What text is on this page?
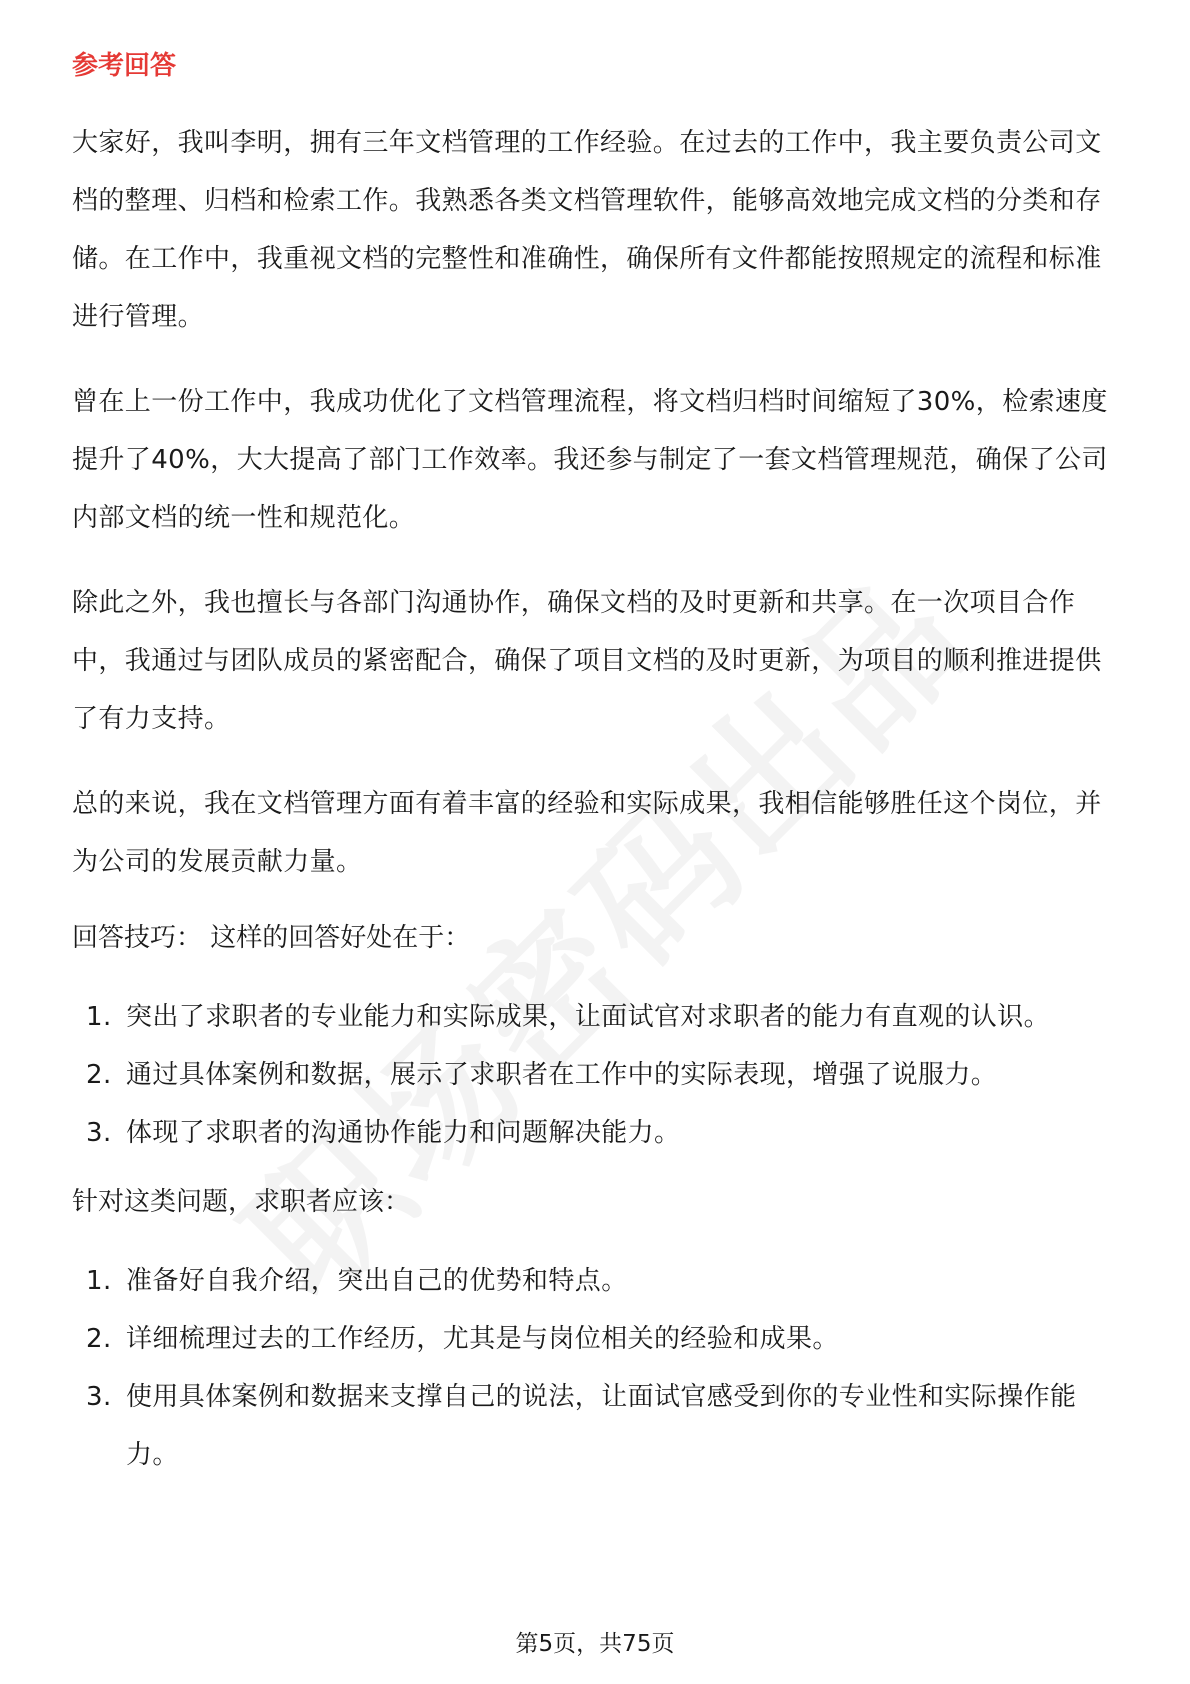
参考回答

大家好，我叫李明，拥有三年文档管理的工作经验。在过去的工作中，我主要负责公司文档的整理、归档和检索工作。我熟悉各类文档管理软件，能够高效地完成文档的分类和存储。在工作中，我重视文档的完整性和准确性，确保所有文件都能按照规定的流程和标准进行管理。

曾在上一份工作中，我成功优化了文档管理流程，将文档归档时间缩短了30%，检索速度提升了40%，大大提高了部门工作效率。我还参与制定了一套文档管理规范，确保了公司内部文档的统一性和规范化。

除此之外，我也擅长与各部门沟通协作，确保文档的及时更新和共享。在一次项目合作中，我通过与团队成员的紧密配合，确保了项目文档的及时更新，为项目的顺利推进提供了有力支持。

总的来说，我在文档管理方面有着丰富的经验和实际成果，我相信能够胜任这个岗位，并为公司的发展贡献力量。

回答技巧： 这样的回答好处在于：
1. 突出了求职者的专业能力和实际成果，让面试官对求职者的能力有直观的认识。
2. 通过具体案例和数据，展示了求职者在工作中的实际表现，增强了说服力。
3. 体现了求职者的沟通协作能力和问题解决能力。
针对这类问题，求职者应该：
1. 准备好自我介绍，突出自己的优势和特点。
2. 详细梳理过去的工作经历，尤其是与岗位相关的经验和成果。
3. 使用具体案例和数据来支撑自己的说法，让面试官感受到你的专业性和实际操作能力。
第5页，共75页
